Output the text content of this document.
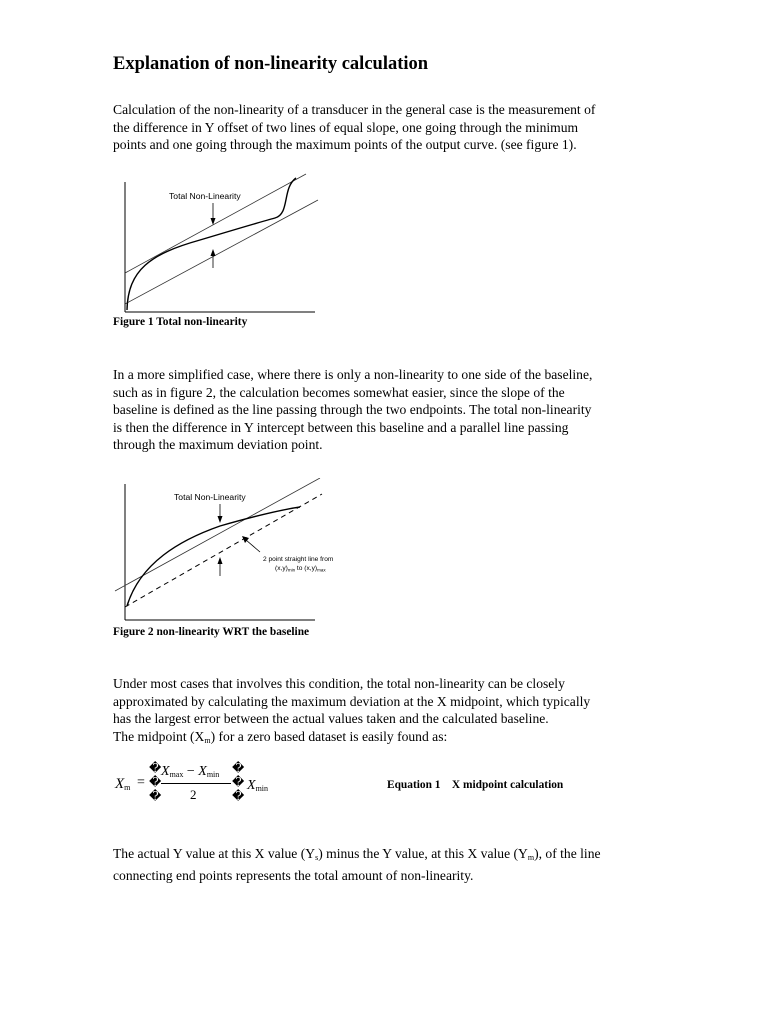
Explanation of non-linearity calculation

Calculation of the non-linearity of a transducer in the general case is the measurement of
the difference in Y offset of two lines of equal slope, one going through the minimum
points and one going through the maximum points of the output curve. (see figure 1).

Total Non-Linearity
Figure 1 Total non-linearity

In a more simplified case, where there is only a non-linearity to one side of the baseline,
such as in figure 2, the calculation becomes somewhat easier, since the slope of the
baseline is defined as the line passing through the two endpoints. The total non-linearity
is then the difference in Y intercept between this baseline and a parallel line passing
through the maximum deviation point.

Total Non-Linearity
2 point straight line from
$(x,y)_{min}$ to $(x,y)_{max}$
Figure 2 non-linearity WRT the baseline

Under most cases that involves this condition, the total non-linearity can be closely
approximated by calculating the maximum deviation at the X midpoint, which typically
has the largest error between the actual values taken and the calculated baseline.
The midpoint $(X_m)$ for a zero based dataset is easily found as:

$X_m$ =
�
�
�
$X_{max} - X_{min}$
2
�
�
�
$X_{min}$	Equation 1    X midpoint calculation

The actual Y value at this X value $(Y_s)$ minus the Y value, at this X value $(Y_m)$, of the line
connecting end points represents the total amount of non-linearity.
